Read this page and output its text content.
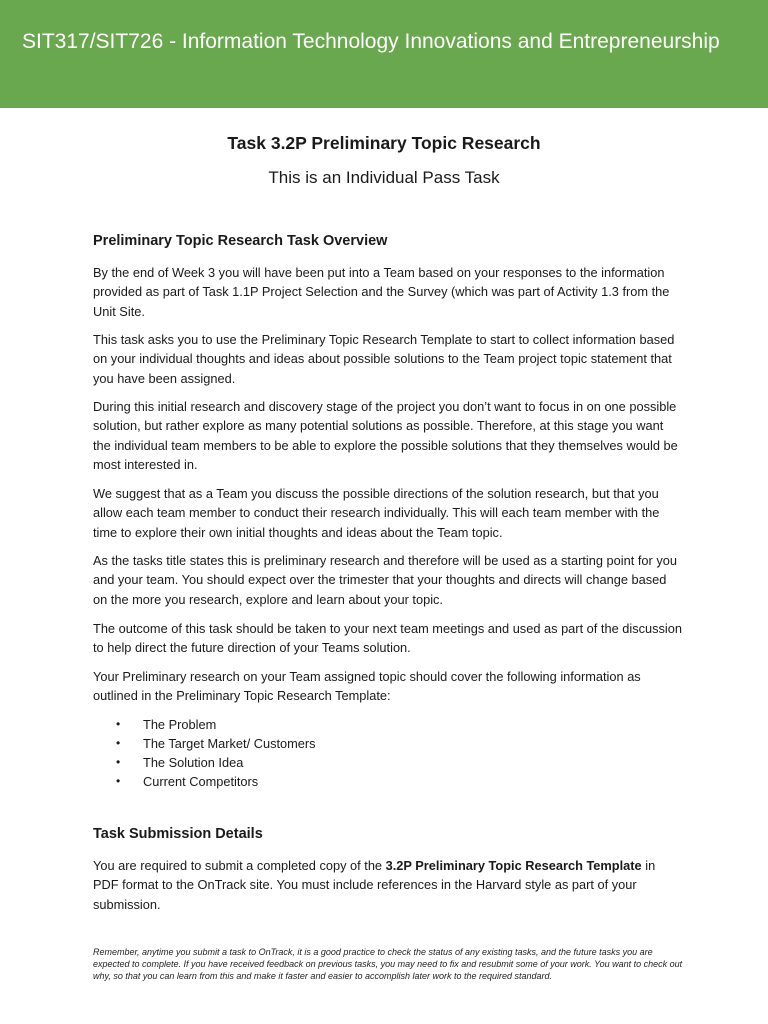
SIT317/SIT726 - Information Technology Innovations and Entrepreneurship
Task 3.2P Preliminary Topic Research
This is an Individual Pass Task
Preliminary Topic Research Task Overview
By the end of Week 3 you will have been put into a Team based on your responses to the information provided as part of Task 1.1P Project Selection and the Survey (which was part of Activity 1.3 from the Unit Site.
This task asks you to use the Preliminary Topic Research Template to start to collect information based on your individual thoughts and ideas about possible solutions to the Team project topic statement that you have been assigned.
During this initial research and discovery stage of the project you don’t want to focus in on one possible solution, but rather explore as many potential solutions as possible. Therefore, at this stage you want the individual team members to be able to explore the possible solutions that they themselves would be most interested in.
We suggest that as a Team you discuss the possible directions of the solution research, but that you allow each team member to conduct their research individually. This will each team member with the time to explore their own initial thoughts and ideas about the Team topic.
As the tasks title states this is preliminary research and therefore will be used as a starting point for you and your team. You should expect over the trimester that your thoughts and directs will change based on the more you research, explore and learn about your topic.
The outcome of this task should be taken to your next team meetings and used as part of the discussion to help direct the future direction of your Teams solution.
Your Preliminary research on your Team assigned topic should cover the following information as outlined in the Preliminary Topic Research Template:
• The Problem
• The Target Market/ Customers
• The Solution Idea
• Current Competitors
Task Submission Details
You are required to submit a completed copy of the 3.2P Preliminary Topic Research Template in PDF format to the OnTrack site. You must include references in the Harvard style as part of your submission.
Remember, anytime you submit a task to OnTrack, it is a good practice to check the status of any existing tasks, and the future tasks you are expected to complete. If you have received feedback on previous tasks, you may need to fix and resubmit some of your work. You want to check out why, so that you can learn from this and make it faster and easier to accomplish later work to the required standard.
